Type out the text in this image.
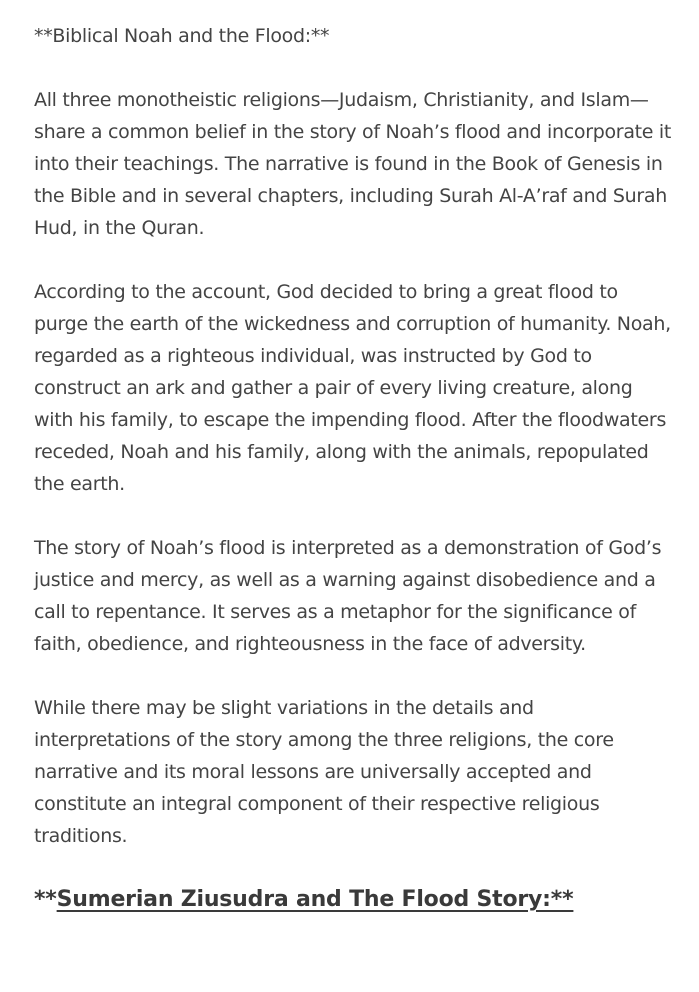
**Biblical Noah and the Flood:**

All three monotheistic religions—Judaism, Christianity, and Islam—share a common belief in the story of Noah’s flood and incorporate it into their teachings. The narrative is found in the Book of Genesis in the Bible and in several chapters, including Surah Al-A’raf and Surah Hud, in the Quran.

According to the account, God decided to bring a great flood to purge the earth of the wickedness and corruption of humanity. Noah, regarded as a righteous individual, was instructed by God to construct an ark and gather a pair of every living creature, along with his family, to escape the impending flood. After the floodwaters receded, Noah and his family, along with the animals, repopulated the earth.

The story of Noah’s flood is interpreted as a demonstration of God’s justice and mercy, as well as a warning against disobedience and a call to repentance. It serves as a metaphor for the significance of faith, obedience, and righteousness in the face of adversity.

While there may be slight variations in the details and interpretations of the story among the three religions, the core narrative and its moral lessons are universally accepted and constitute an integral component of their respective religious traditions.

**Sumerian Ziusudra and The Flood Story:**
